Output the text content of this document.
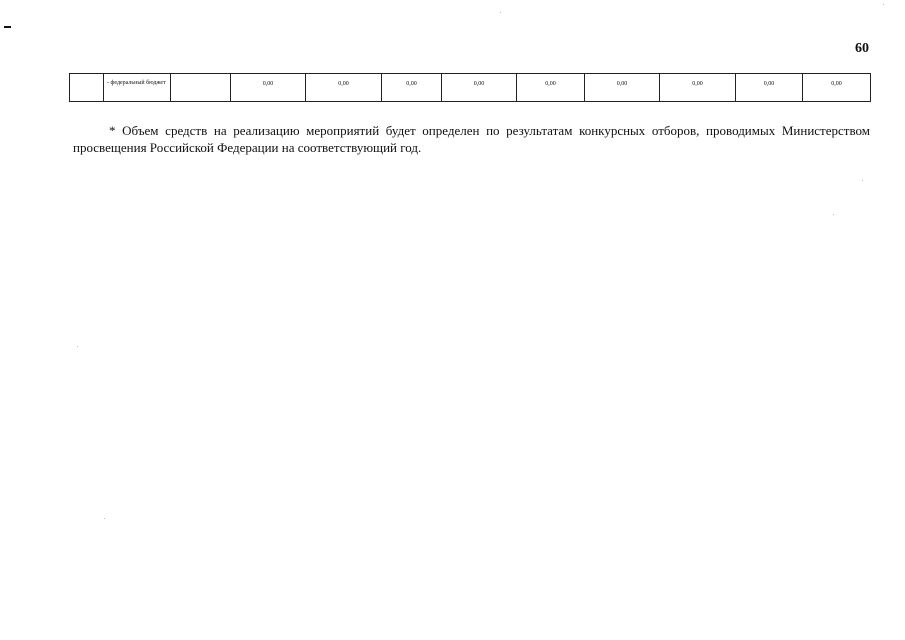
60
	- федеральный бюджет		0,00	0,00	0,00	0,00	0,00	0,00	0,00	0,00	0,00

* Объем средств на реализацию мероприятий будет определен по результатам конкурсных отборов, проводимых Министерством просвещения Российской Федерации на соответствующий год.
